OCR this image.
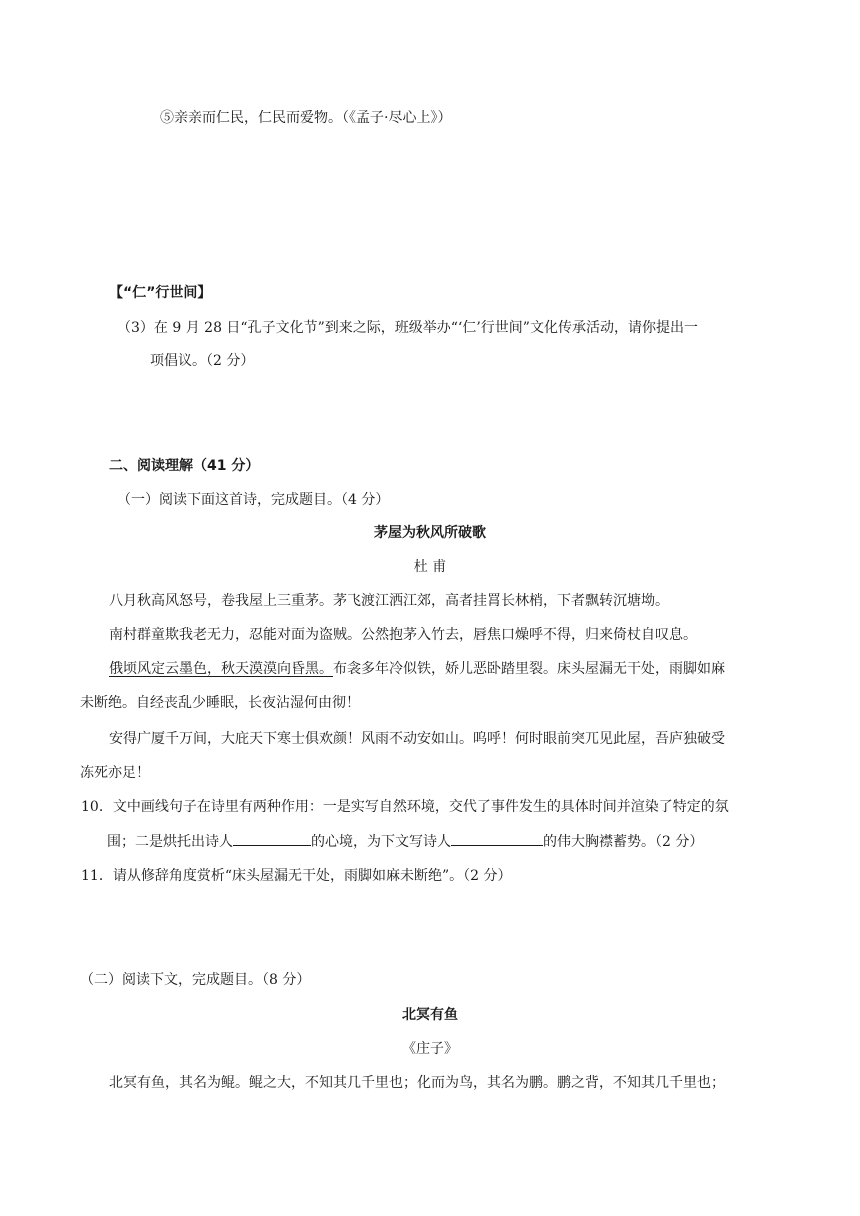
⑤亲亲而仁民，仁民而爱物。（《孟子·尽心上》）
【“仁”行世间】
（3）在 9 月 28 日“孔子文化节”到来之际，班级举办“‘仁’行世间”文化传承活动，请你提出一
项倡议。（2 分）
二、阅读理解（41 分）
（一）阅读下面这首诗，完成题目。（4 分）
茅屋为秋风所破歌
杜 甫
八月秋高风怒号，卷我屋上三重茅。茅飞渡江洒江郊，高者挂罥长林梢，下者飘转沉塘坳。
南村群童欺我老无力，忍能对面为盗贼。公然抱茅入竹去，唇焦口燥呼不得，归来倚杖自叹息。
俄顷风定云墨色，秋天漠漠向昏黑。布衾多年冷似铁，娇儿恶卧踏里裂。床头屋漏无干处，雨脚如麻
未断绝。自经丧乱少睡眠，长夜沾湿何由彻！
安得广厦千万间，大庇天下寒士俱欢颜！风雨不动安如山。呜呼！何时眼前突兀见此屋，吾庐独破受
冻死亦足！
10．文中画线句子在诗里有两种作用：一是实写自然环境，交代了事件发生的具体时间并渲染了特定的氛
围；二是烘托出诗人	的心境，为下文写诗人	的伟大胸襟蓄势。（2 分）
11．请从修辞角度赏析“床头屋漏无干处，雨脚如麻未断绝”。（2 分）
（二）阅读下文，完成题目。（8 分）
北冥有鱼
《庄子》
北冥有鱼，其名为鲲。鲲之大，不知其几千里也；化而为鸟，其名为鹏。鹏之背，不知其几千里也；
